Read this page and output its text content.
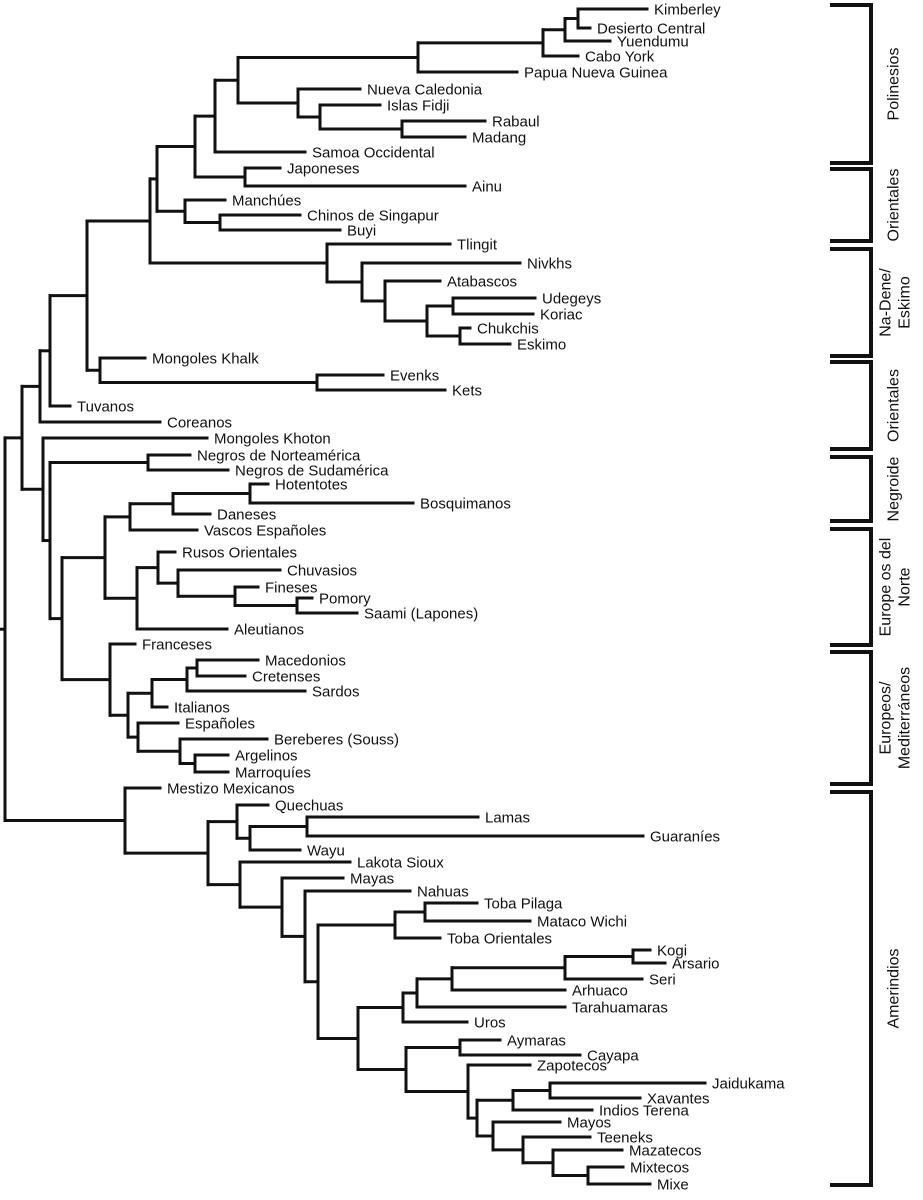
Kimberley
Desierto Central
Yuendumu
Cabo York
Papua Nueva Guinea
Nueva Caledonia
Islas Fidji
Rabaul
Madang
Samoa Occidental
Japoneses
Ainu
Manchúes
Chinos de Singapur
Buyi
Tlingit
Nivkhs
Atabascos
Udegeys
Koriac
Chukchis
Eskimo
Mongoles Khalk
Evenks
Kets
Tuvanos
Coreanos
Mongoles Khoton
Negros de Norteamérica
Negros de Sudamérica
Hotentotes
Bosquimanos
Daneses
Vascos Españoles
Rusos Orientales
Chuvasios
Fineses
Pomory
Saami (Lapones)
Aleutianos
Franceses
Macedonios
Cretenses
Sardos
Italianos
Españoles
Bereberes (Souss)
Argelinos
Marroquíes
Mestizo Mexicanos
Quechuas
Lamas
Guaraníes
Wayu
Lakota Sioux
Mayas
Nahuas
Toba Pilaga
Mataco Wichi
Toba Orientales
Kogi
Arsario
Seri
Arhuaco
Tarahuamaras
Uros
Aymaras
Cayapa
Zapotecos
Jaidukama
Xavantes
Indios Terena
Mayos
Teeneks
Mazatecos
Mixtecos
Mixe
Polinesios
Orientales
Na-Dene/ Eskimo
Orientales
Negroide
Europe os del Norte
Europeos/ Mediterráneos
Amerindios
